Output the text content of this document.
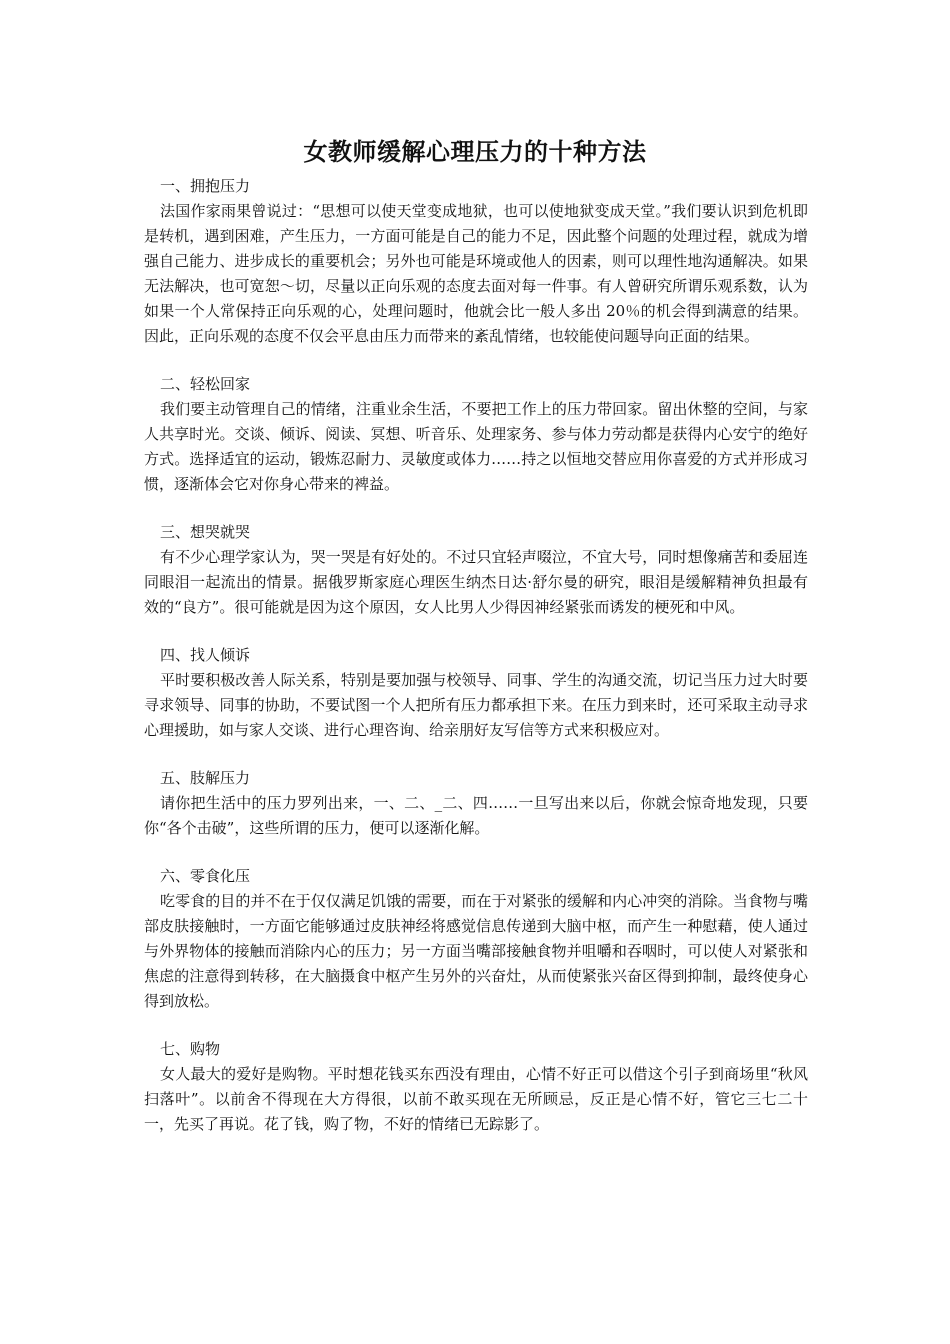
女教师缓解心理压力的十种方法

一、拥抱压力

法国作家雨果曾说过：“思想可以使天堂变成地狱，也可以使地狱变成天堂。”我们要认识到危机即是转机，遇到困难，产生压力，一方面可能是自己的能力不足，因此整个问题的处理过程，就成为增强自己能力、进步成长的重要机会；另外也可能是环境或他人的因素，则可以理性地沟通解决。如果无法解决，也可宽恕～切，尽量以正向乐观的态度去面对每一件事。有人曾研究所谓乐观系数，认为如果一个人常保持正向乐观的心，处理问题时，他就会比一般人多出 20％的机会得到满意的结果。因此，正向乐观的态度不仅会平息由压力而带来的紊乱情绪，也较能使问题导向正面的结果。

二、轻松回家

我们要主动管理自己的情绪，注重业余生活，不要把工作上的压力带回家。留出休整的空间，与家人共享时光。交谈、倾诉、阅读、冥想、听音乐、处理家务、参与体力劳动都是获得内心安宁的绝好方式。选择适宜的运动，锻炼忍耐力、灵敏度或体力……持之以恒地交替应用你喜爱的方式并形成习惯，逐渐体会它对你身心带来的裨益。

三、想哭就哭

有不少心理学家认为，哭一哭是有好处的。不过只宜轻声啜泣，不宜大号，同时想像痛苦和委屈连同眼泪一起流出的情景。据俄罗斯家庭心理医生纳杰日达·舒尔曼的研究，眼泪是缓解精神负担最有效的“良方”。很可能就是因为这个原因，女人比男人少得因神经紧张而诱发的梗死和中风。

四、找人倾诉

平时要积极改善人际关系，特别是要加强与校领导、同事、学生的沟通交流，切记当压力过大时要寻求领导、同事的协助，不要试图一个人把所有压力都承担下来。在压力到来时，还可采取主动寻求心理援助，如与家人交谈、进行心理咨询、给亲朋好友写信等方式来积极应对。

五、肢解压力

请你把生活中的压力罗列出来，一、二、_二、四……一旦写出来以后，你就会惊奇地发现，只要你“各个击破”，这些所谓的压力，便可以逐渐化解。

六、零食化压

吃零食的目的并不在于仅仅满足饥饿的需要，而在于对紧张的缓解和内心冲突的消除。当食物与嘴部皮肤接触时，一方面它能够通过皮肤神经将感觉信息传递到大脑中枢，而产生一种慰藉，使人通过与外界物体的接触而消除内心的压力；另一方面当嘴部接触食物并咀嚼和吞咽时，可以使人对紧张和焦虑的注意得到转移，在大脑摄食中枢产生另外的兴奋灶，从而使紧张兴奋区得到抑制，最终使身心得到放松。

七、购物

女人最大的爱好是购物。平时想花钱买东西没有理由，心情不好正可以借这个引子到商场里“秋风扫落叶”。以前舍不得现在大方得很，以前不敢买现在无所顾忌，反正是心情不好，管它三七二十一，先买了再说。花了钱，购了物，不好的情绪已无踪影了。
